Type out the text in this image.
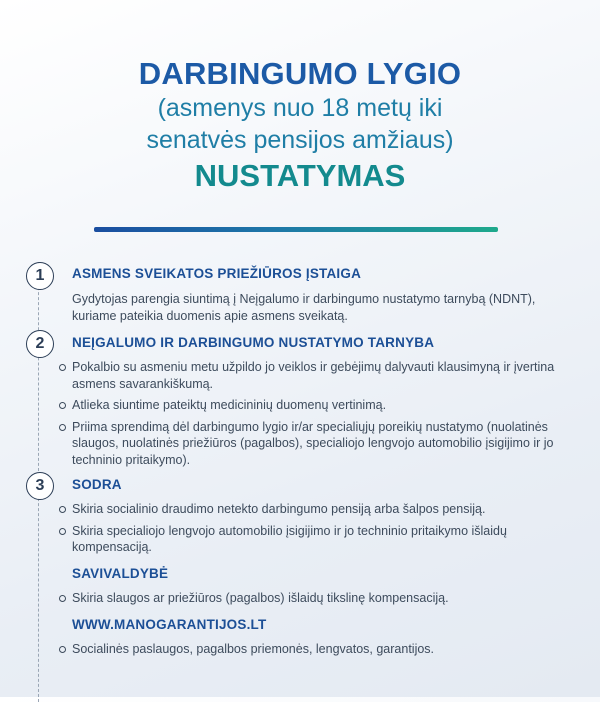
DARBINGUMO LYGIO
(asmenys nuo 18 metų iki
senatvės pensijos amžiaus)
NUSTATYMAS
1
2
3
ASMENS SVEIKATOS PRIEŽIŪROS ĮSTAIGA
Gydytojas parengia siuntimą į Neįgalumo ir darbingumo nustatymo tarnybą (NDNT), kuriame pateikia duomenis apie asmens sveikatą.
NEĮGALUMO IR DARBINGUMO NUSTATYMO TARNYBA
Pokalbio su asmeniu metu užpildo jo veiklos ir gebėjimų dalyvauti klausimyną ir įvertina asmens savarankiškumą.
Atlieka siuntime pateiktų medicininių duomenų vertinimą.
Priima sprendimą dėl darbingumo lygio ir/ar specialiųjų poreikių nustatymo (nuolatinės slaugos, nuolatinės priežiūros (pagalbos), specialiojo lengvojo automobilio įsigijimo ir jo techninio pritaikymo).
SODRA
Skiria socialinio draudimo netekto darbingumo pensiją arba šalpos pensiją.
Skiria specialiojo lengvojo automobilio įsigijimo ir jo techninio pritaikymo išlaidų kompensaciją.
SAVIVALDYBĖ
Skiria slaugos ar priežiūros (pagalbos) išlaidų tikslinę kompensaciją.
WWW.MANOGARANTIJOS.LT
Socialinės paslaugos, pagalbos priemonės, lengvatos, garantijos.
